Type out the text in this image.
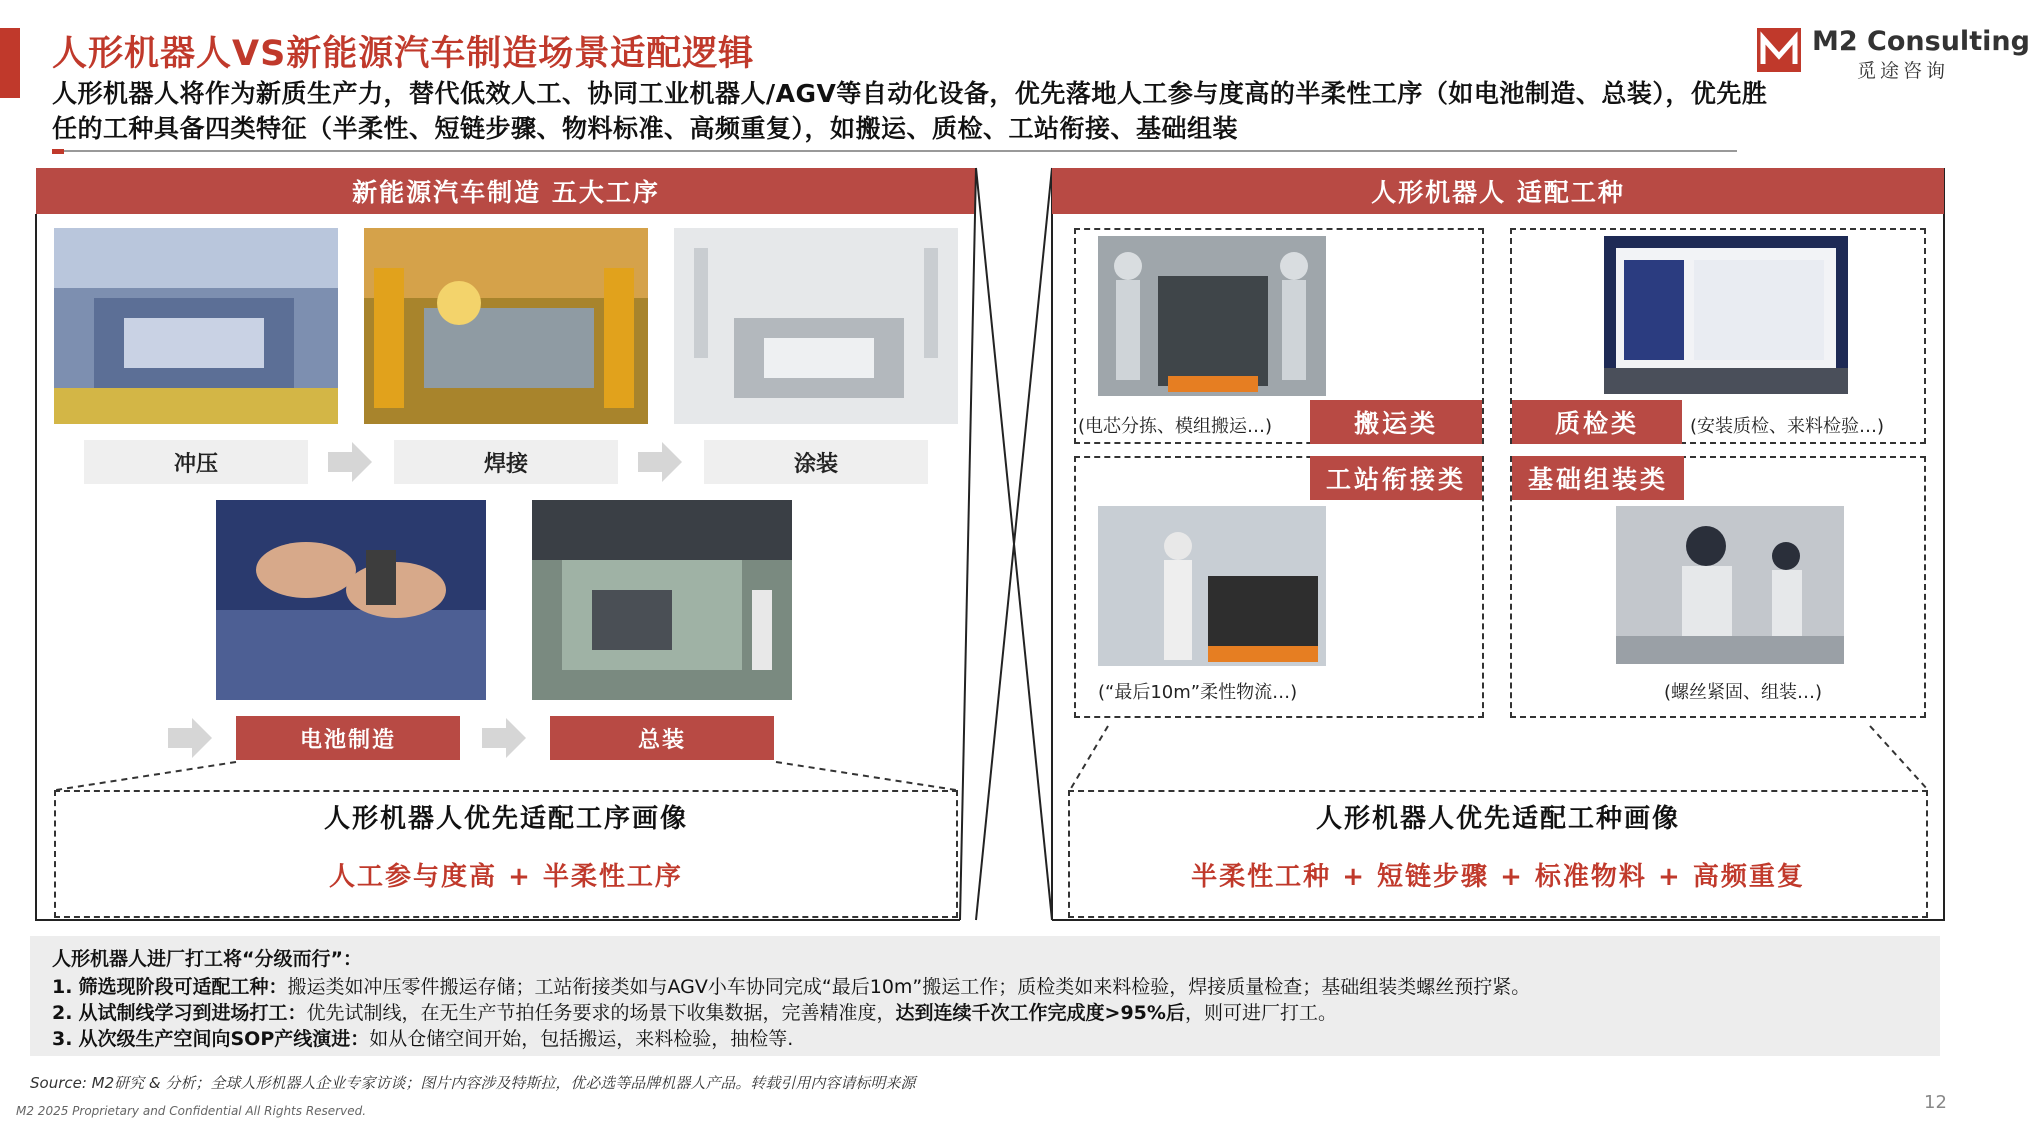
人形机器人VS新能源汽车制造场景适配逻辑
人形机器人将作为新质生产力，替代低效人工、协同工业机器人/AGV等自动化设备，优先落地人工参与度高的半柔性工序（如电池制造、总装），优先胜任的工种具备四类特征（半柔性、短链步骤、物料标准、高频重复），如搬运、质检、工站衔接、基础组装
M2 Consulting
觅途咨询
新能源汽车制造 五大工序
冲压	焊接	涂装
电池制造	总装
人形机器人优先适配工序画像
人工参与度高 + 半柔性工序
人形机器人 适配工种
(电芯分拣、模组搬运…)	搬运类	质检类	(安装质检、来料检验…)
工站衔接类
(“最后10m”柔性物流…)
基础组装类
(螺丝紧固、组装…)
人形机器人优先适配工种画像
半柔性工种 + 短链步骤 + 标准物料 + 高频重复
人形机器人进厂打工将“分级而行”：
1. 筛选现阶段可适配工种：搬运类如冲压零件搬运存储；工站衔接类如与AGV小车协同完成“最后10m”搬运工作；质检类如来料检验，焊接质量检查；基础组装类螺丝预拧紧。
2. 从试制线学习到进场打工：优先试制线，在无生产节拍任务要求的场景下收集数据，完善精准度，达到连续千次工作完成度>95%后，则可进厂打工。
3. 从次级生产空间向SOP产线演进：如从仓储空间开始，包括搬运，来料检验，抽检等.
Source: M2研究 & 分析；全球人形机器人企业专家访谈；图片内容涉及特斯拉，优必选等品牌机器人产品。转载引用内容请标明来源
M2 2025 Proprietary and Confidential All Rights Reserved.	12
